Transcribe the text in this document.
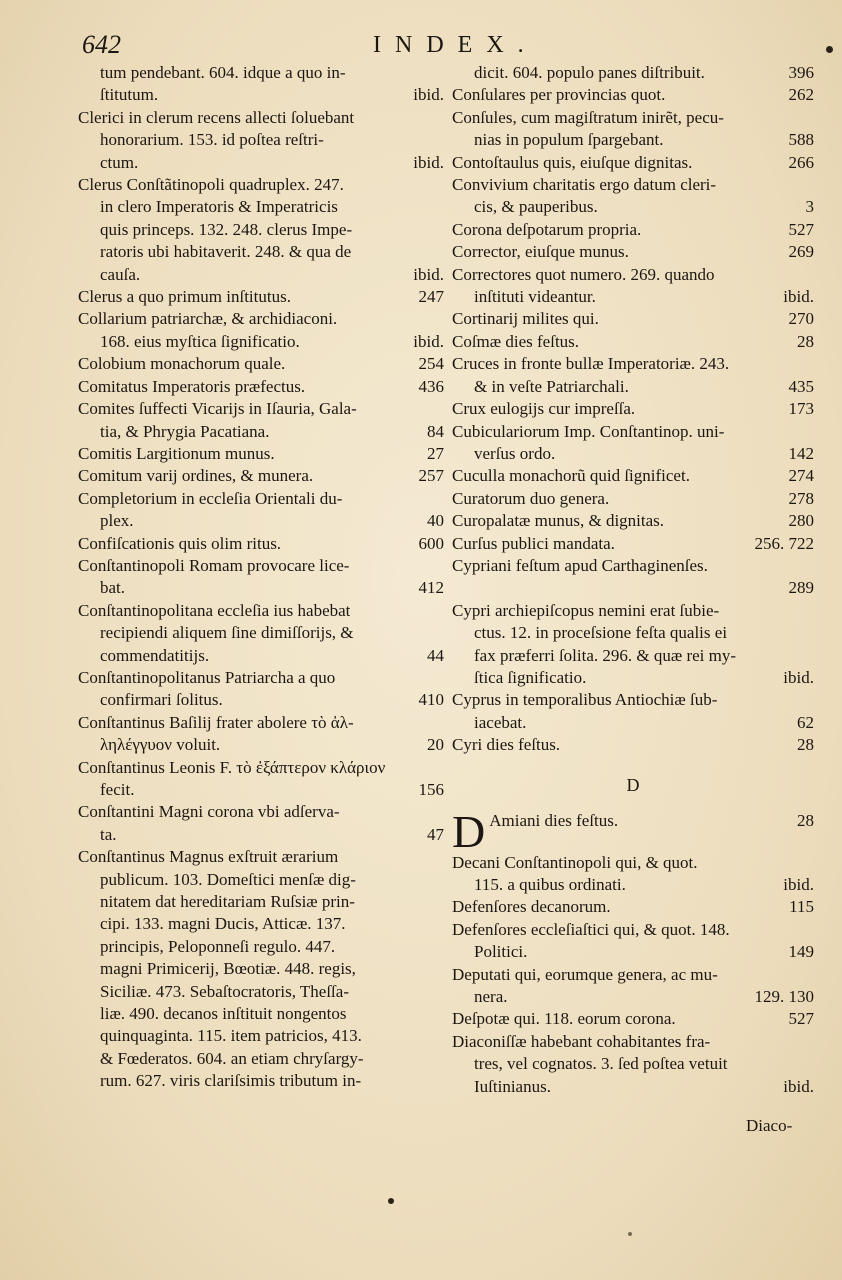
642	INDEX.
tum pendebant. 604. idque a quo in-
ſtitutum.	ibid.
Clerici in clerum recens allecti ſoluebant
honorarium. 153. id poſtea reſtri-
ctum.	ibid.
Clerus Conſtãtinopoli quadruplex. 247.
in clero Imperatoris & Imperatricis
quis princeps. 132. 248. clerus Impe-
ratoris ubi habitaverit. 248. & qua de
cauſa.	ibid.
Clerus a quo primum inſtitutus.	247
Collarium patriarchæ, & archidiaconi.
168. eius myſtica ſignificatio.	ibid.
Colobium monachorum quale.	254
Comitatus Imperatoris præfectus.	436
Comites ſuffecti Vicarijs in Iſauria, Gala-
tia, & Phrygia Pacatiana.	84
Comitis Largitionum munus.	27
Comitum varij ordines, & munera.	257
Completorium in eccleſia Orientali du-
plex.	40
Confiſcationis quis olim ritus.	600
Conſtantinopoli Romam provocare lice-
bat.	412
Conſtantinopolitana eccleſia ius habebat
recipiendi aliquem ſine dimiſſorijs, &
commendatitijs.	44
Conſtantinopolitanus Patriarcha a quo
confirmari ſolitus.	410
Conſtantinus Baſilij frater abolere τὸ ἀλ-
ληλέγγυον voluit.	20
Conſtantinus Leonis F. τὸ ἐξάπτερον κλάριον
fecit.	156
Conſtantini Magni corona vbi adſerva-
ta.	47
Conſtantinus Magnus exſtruit ærarium
publicum. 103. Domeſtici menſæ dig-
nitatem dat hereditariam Ruſsiæ prin-
cipi. 133. magni Ducis, Atticæ. 137.
principis, Peloponneſi regulo. 447.
magni Primicerij, Bœotiæ. 448. regis,
Siciliæ. 473. Sebaſtocratoris, Theſſa-
liæ. 490. decanos inſtituit nongentos
quinquaginta. 115. item patricios, 413.
& Fœderatos. 604. an etiam chryſargy-
rum. 627. viris clariſsimis tributum in-
dicit. 604. populo panes diſtribuit.	396
Conſulares per provincias quot.	262
Conſules, cum magiſtratum inirẽt, pecu-
nias in populum ſpargebant.	588
Contoſtaulus quis, eiuſque dignitas.	266
Convivium charitatis ergo datum cleri-
cis, & pauperibus.	3
Corona deſpotarum propria.	527
Corrector, eiuſque munus.	269
Correctores quot numero. 269. quando
inſtituti videantur.	ibid.
Cortinarij milites qui.	270
Coſmæ dies feſtus.	28
Cruces in fronte bullæ Imperatoriæ. 243.
& in veſte Patriarchali.	435
Crux eulogijs cur impreſſa.	173
Cubiculariorum Imp. Conſtantinop. uni-
verſus ordo.	142
Cuculla monachorũ quid ſignificet.	274
Curatorum duo genera.	278
Curopalatæ munus, & dignitas.	280
Curſus publici mandata.	256. 722
Cypriani feſtum apud Carthaginenſes.
289
Cypri archiepiſcopus nemini erat ſubie-
ctus. 12. in proceſsione feſta qualis ei
fax præferri ſolita. 296. & quæ rei my-
ſtica ſignificatio.	ibid.
Cyprus in temporalibus Antiochiæ ſub-
iacebat.	62
Cyri dies feſtus.	28
D
D Amiani dies feſtus.	28
Decani Conſtantinopoli qui, & quot.
115. a quibus ordinati.	ibid.
Defenſores decanorum.	115
Defenſores eccleſiaſtici qui, & quot. 148.
Politici.	149
Deputati qui, eorumque genera, ac mu-
nera.	129. 130
Deſpotæ qui. 118. eorum corona.	527
Diaconiſſæ habebant cohabitantes fra-
tres, vel cognatos. 3. ſed poſtea vetuit
Iuſtinianus.	ibid.
Diaco-
